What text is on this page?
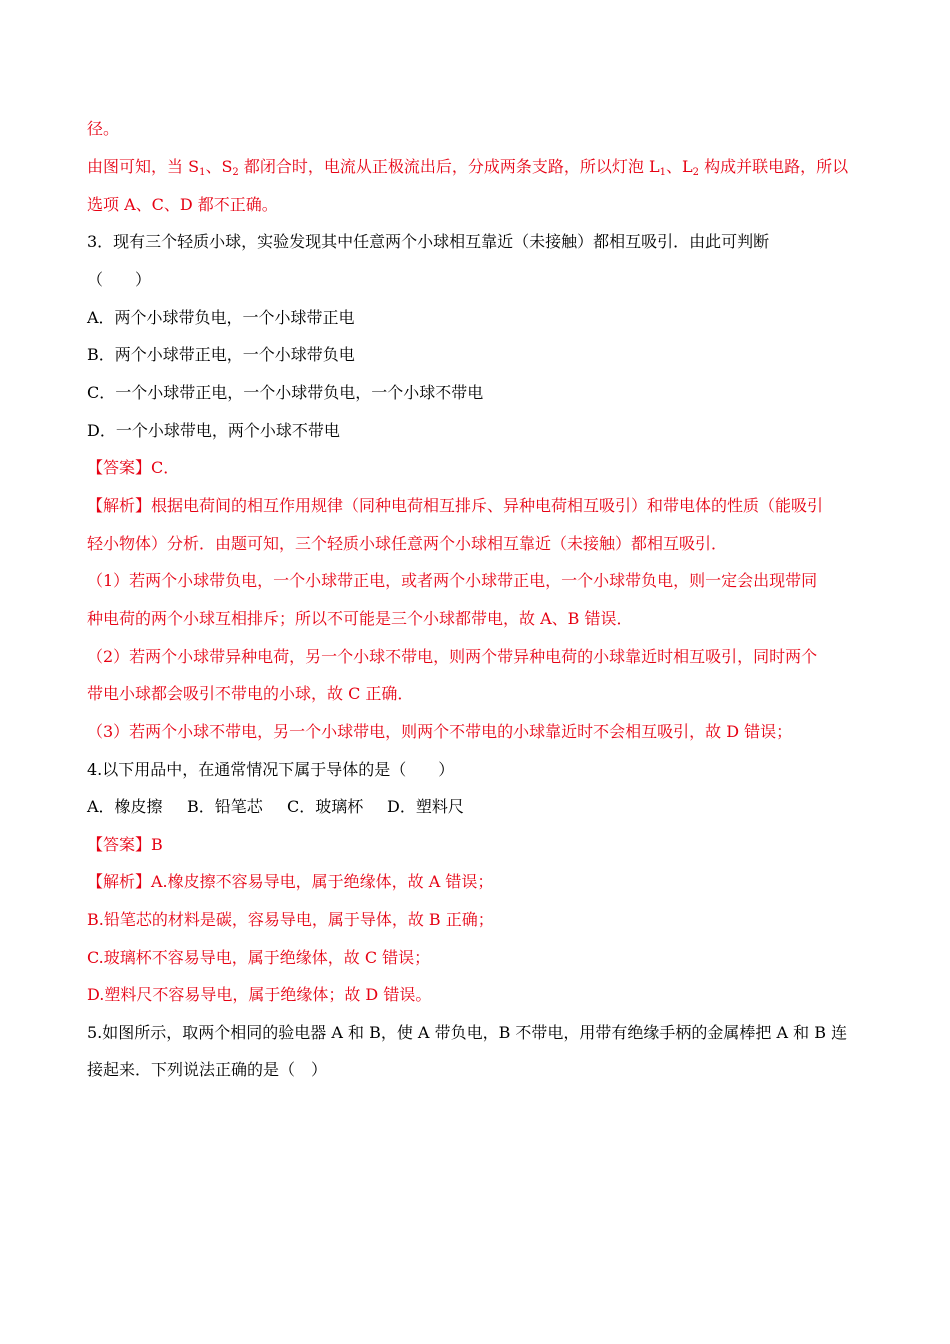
径。
由图可知，当 $S_1$、$S_2$ 都闭合时，电流从正极流出后，分成两条支路，所以灯泡 $L_1$、$L_2$ 构成并联电路，所以
选项 A、C、D 都不正确。
3．现有三个轻质小球，实验发现其中任意两个小球相互靠近（未接触）都相互吸引．由此可判断
（　　）
A．两个小球带负电，一个小球带正电
B．两个小球带正电，一个小球带负电
C．一个小球带正电，一个小球带负电，一个小球不带电
D．一个小球带电，两个小球不带电
【答案】C．
【解析】根据电荷间的相互作用规律（同种电荷相互排斥、异种电荷相互吸引）和带电体的性质（能吸引
轻小物体）分析．由题可知，三个轻质小球任意两个小球相互靠近（未接触）都相互吸引．
（1）若两个小球带负电，一个小球带正电，或者两个小球带正电，一个小球带负电，则一定会出现带同
种电荷的两个小球互相排斥；所以不可能是三个小球都带电，故 A、B 错误．
（2）若两个小球带异种电荷，另一个小球不带电，则两个带异种电荷的小球靠近时相互吸引，同时两个
带电小球都会吸引不带电的小球，故 C 正确．
（3）若两个小球不带电，另一个小球带电，则两个不带电的小球靠近时不会相互吸引，故 D 错误；
4.以下用品中，在通常情况下属于导体的是（　　）
A．橡皮擦 B．铅笔芯 C．玻璃杯 D．塑料尺
【答案】B
【解析】A.橡皮擦不容易导电，属于绝缘体，故 A 错误；
B.铅笔芯的材料是碳，容易导电，属于导体，故 B 正确；
C.玻璃杯不容易导电，属于绝缘体，故 C 错误；
D.塑料尺不容易导电，属于绝缘体；故 D 错误。
5.如图所示，取两个相同的验电器 A 和 B，使 A 带负电，B 不带电，用带有绝缘手柄的金属棒把 A 和 B 连
接起来．下列说法正确的是（　）
